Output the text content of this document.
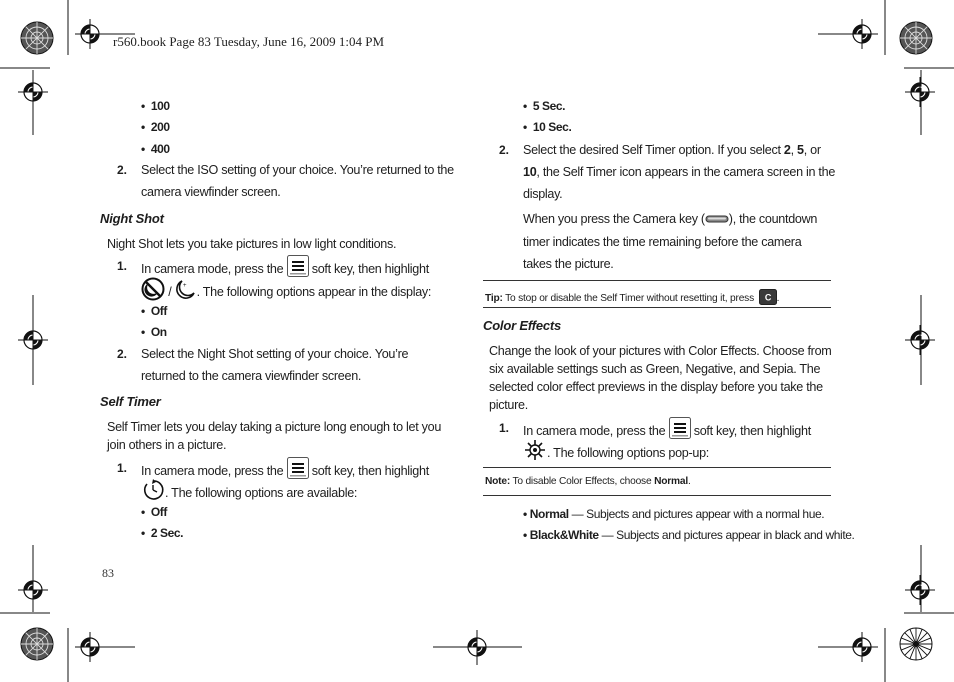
r560.book Page 83 Tuesday, June 16, 2009 1:04 PM
• 100
• 200
• 400
2. Select the ISO setting of your choice. You’re returned to the
camera viewfinder screen.
Night Shot
Night Shot lets you take pictures in low light conditions.
1. In camera mode, press the soft key, then highlight
/ + . The following options appear in the display:
• Off
• On
2. Select the Night Shot setting of your choice. You’re
returned to the camera viewfinder screen.
Self Timer
Self Timer lets you delay taking a picture long enough to let you
join others in a picture.
1. In camera mode, press the soft key, then highlight
. The following options are available:
• Off
• 2 Sec.
83
• 5 Sec.
• 10 Sec.
2. Select the desired Self Timer option. If you select 2, 5, or
10, the Self Timer icon appears in the camera screen in the
display.
When you press the Camera key ( ), the countdown
timer indicates the time remaining before the camera
takes the picture.
Tip: To stop or disable the Self Timer without resetting it, press C .
Color Effects
Change the look of your pictures with Color Effects. Choose from
six available settings such as Green, Negative, and Sepia. The
selected color effect previews in the display before you take the
picture.
1. In camera mode, press the soft key, then highlight
. The following options pop-up:
Note: To disable Color Effects, choose Normal.
• Normal — Subjects and pictures appear with a normal hue.
• Black&White — Subjects and pictures appear in black and white.
